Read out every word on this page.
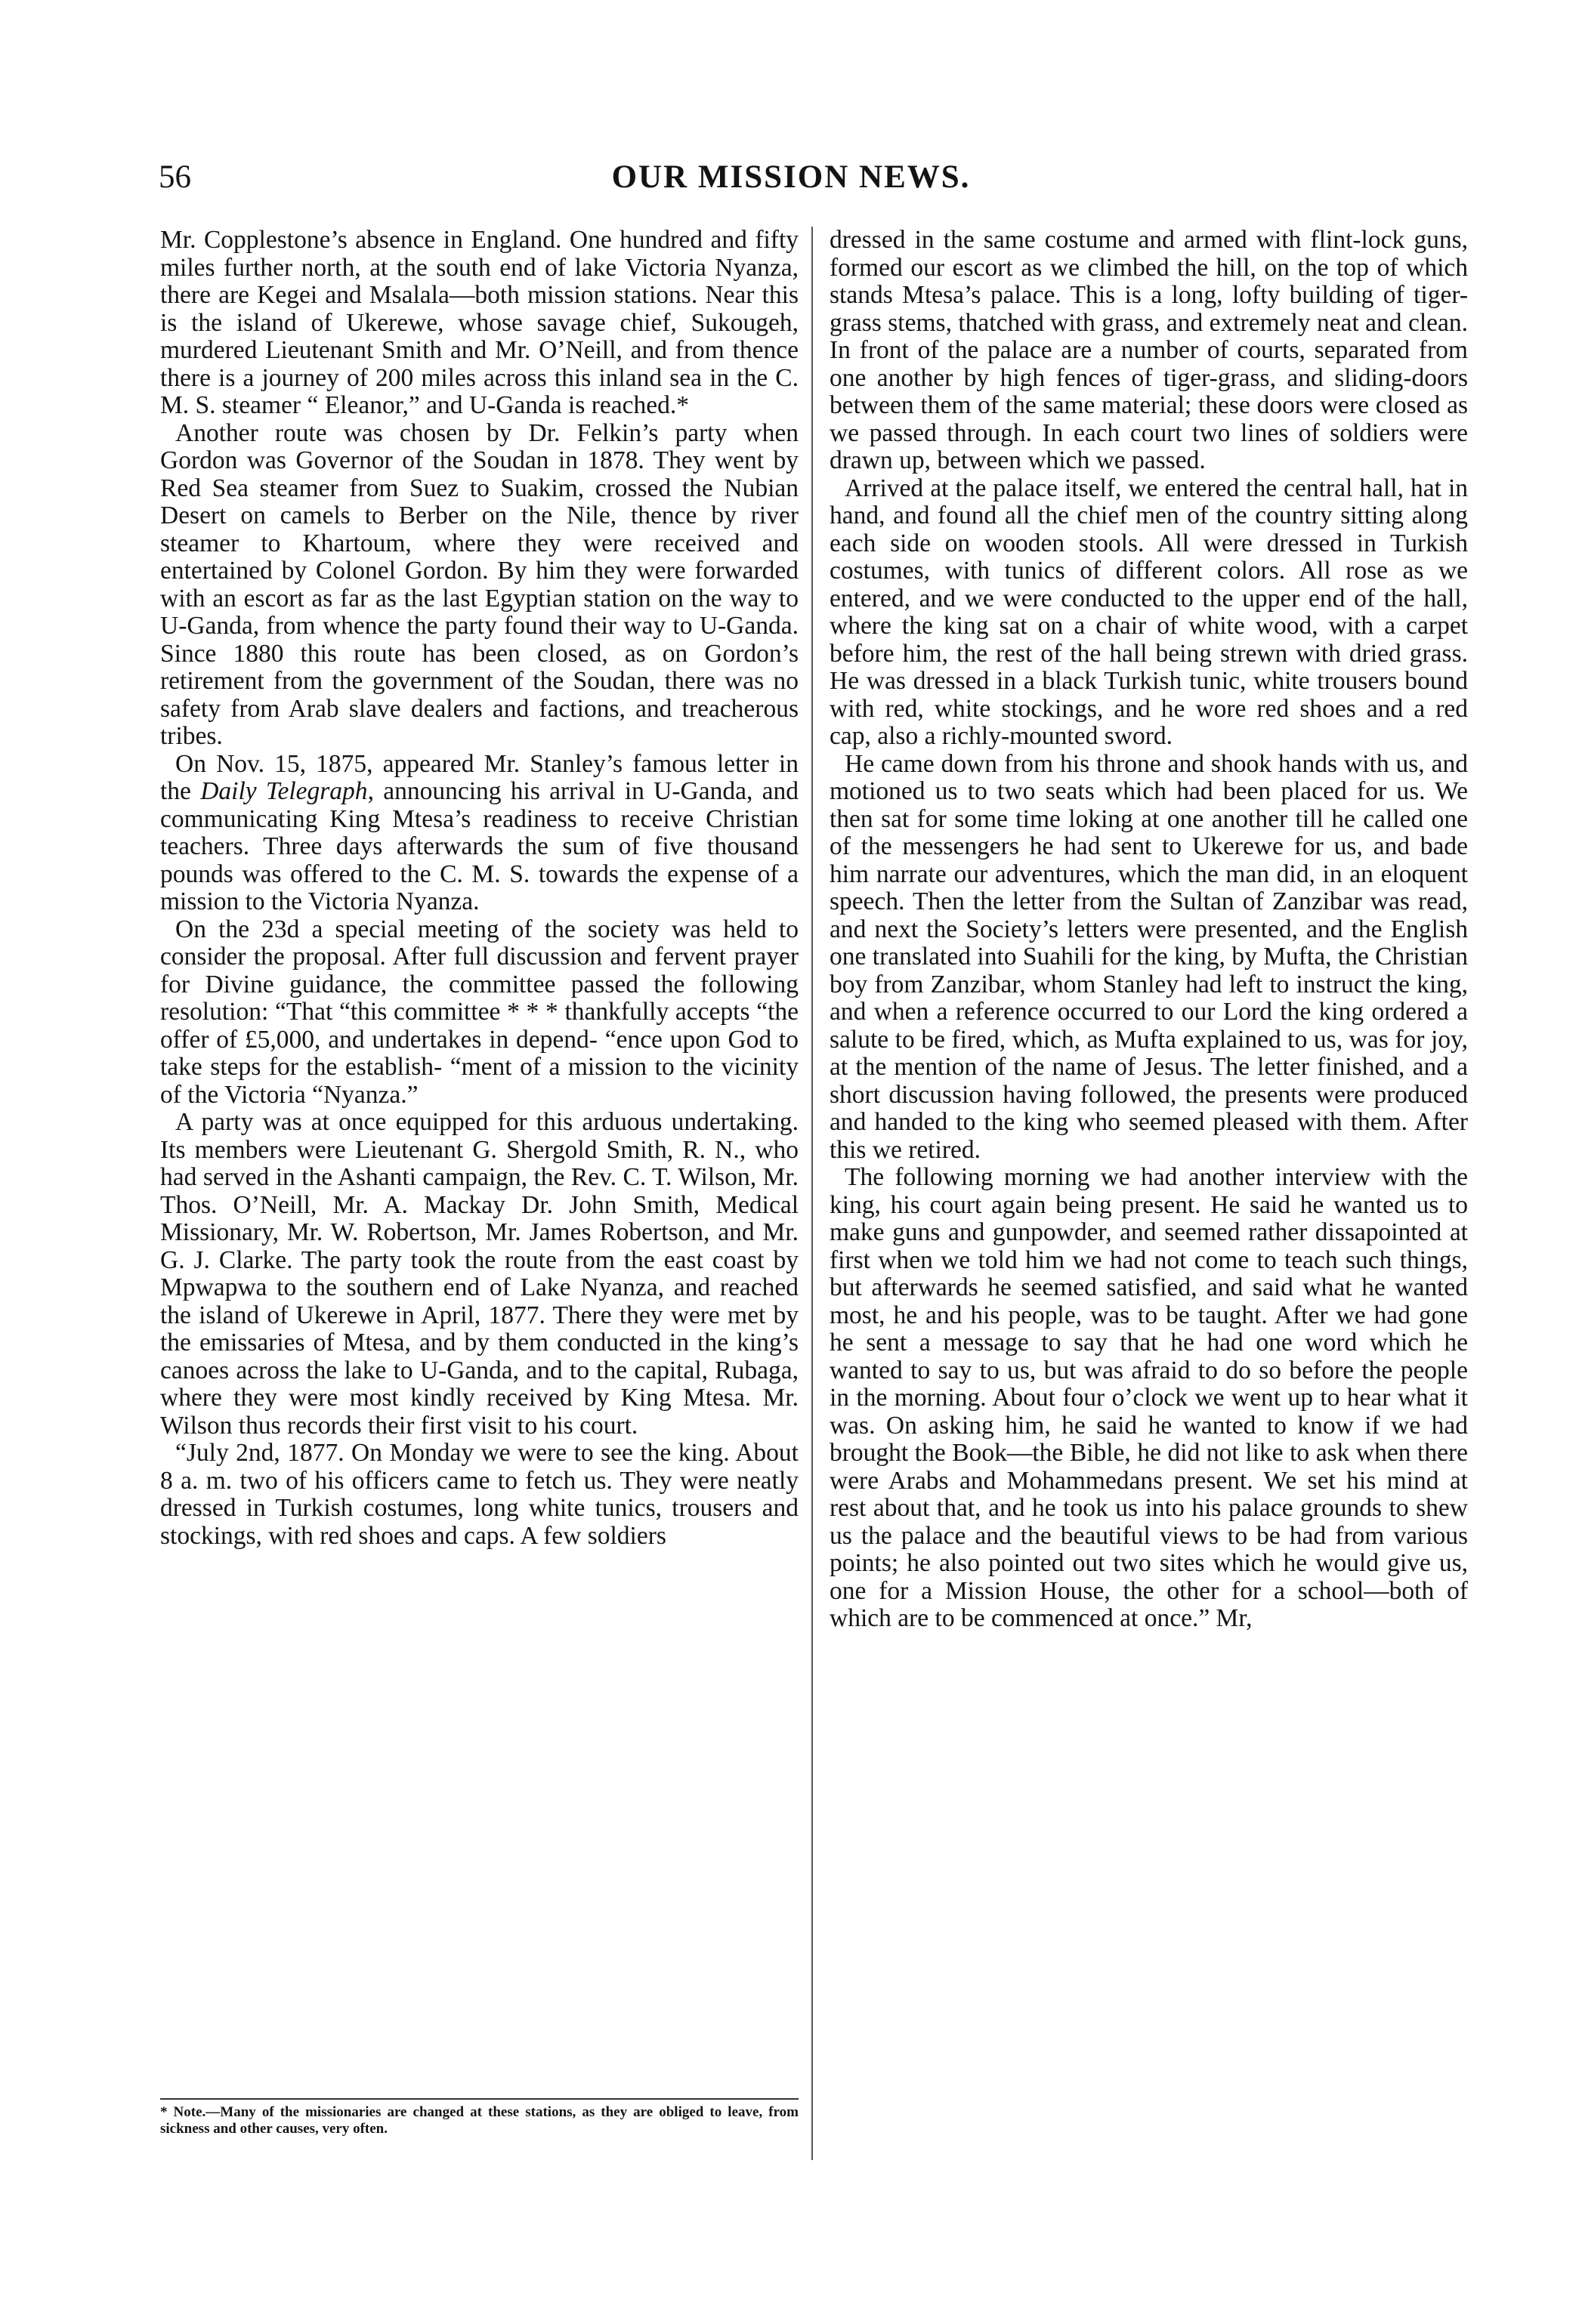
56	OUR MISSION NEWS.

Mr. Copplestone’s absence in England. One hundred and fifty miles further north, at the south end of lake Victoria Nyanza, there are Kegei and Msalala—both mission stations. Near this is the island of Ukerewe, whose savage chief, Sukougeh, murdered Lieutenant Smith and Mr. O’Neill, and from thence there is a journey of 200 miles across this inland sea in the C. M. S. steamer “ Eleanor,” and U-Ganda is reached.*

Another route was chosen by Dr. Felkin’s party when Gordon was Governor of the Soudan in 1878. They went by Red Sea steamer from Suez to Suakim, crossed the Nubian Desert on camels to Berber on the Nile, thence by river steamer to Khartoum, where they were received and entertained by Colonel Gordon. By him they were forwarded with an escort as far as the last Egyptian station on the way to U-Ganda, from whence the party found their way to U-Ganda. Since 1880 this route has been closed, as on Gordon’s retirement from the government of the Soudan, there was no safety from Arab slave dealers and factions, and treacherous tribes.

On Nov. 15, 1875, appeared Mr. Stanley’s famous letter in the Daily Telegraph, announcing his arrival in U-Ganda, and communicating King Mtesa’s readiness to receive Christian teachers. Three days afterwards the sum of five thousand pounds was offered to the C. M. S. towards the expense of a mission to the Victoria Nyanza.

On the 23d a special meeting of the society was held to consider the proposal. After full discussion and fervent prayer for Divine guidance, the committee passed the following resolution: “That “this committee * * * thankfully accepts “the offer of £5,000, and undertakes in depend- “ence upon God to take steps for the establish- “ment of a mission to the vicinity of the Victoria “Nyanza.”

A party was at once equipped for this arduous undertaking. Its members were Lieutenant G. Shergold Smith, R. N., who had served in the Ashanti campaign, the Rev. C. T. Wilson, Mr. Thos. O’Neill, Mr. A. Mackay Dr. John Smith, Medical Missionary, Mr. W. Robertson, Mr. James Robertson, and Mr. G. J. Clarke. The party took the route from the east coast by Mpwapwa to the southern end of Lake Nyanza, and reached the island of Ukerewe in April, 1877. There they were met by the emissaries of Mtesa, and by them conducted in the king’s canoes across the lake to U-Ganda, and to the capital, Rubaga, where they were most kindly received by King Mtesa. Mr. Wilson thus records their first visit to his court.

“July 2nd, 1877. On Monday we were to see the king. About 8 a. m. two of his officers came to fetch us. They were neatly dressed in Turkish costumes, long white tunics, trousers and stockings, with red shoes and caps. A few soldiers

dressed in the same costume and armed with flint-lock guns, formed our escort as we climbed the hill, on the top of which stands Mtesa’s palace. This is a long, lofty building of tiger-grass stems, thatched with grass, and extremely neat and clean. In front of the palace are a number of courts, separated from one another by high fences of tiger-grass, and sliding-doors between them of the same material; these doors were closed as we passed through. In each court two lines of soldiers were drawn up, between which we passed.

Arrived at the palace itself, we entered the central hall, hat in hand, and found all the chief men of the country sitting along each side on wooden stools. All were dressed in Turkish costumes, with tunics of different colors. All rose as we entered, and we were conducted to the upper end of the hall, where the king sat on a chair of white wood, with a carpet before him, the rest of the hall being strewn with dried grass. He was dressed in a black Turkish tunic, white trousers bound with red, white stockings, and he wore red shoes and a red cap, also a richly-mounted sword.

He came down from his throne and shook hands with us, and motioned us to two seats which had been placed for us. We then sat for some time loking at one another till he called one of the messengers he had sent to Ukerewe for us, and bade him narrate our adventures, which the man did, in an eloquent speech. Then the letter from the Sultan of Zanzibar was read, and next the Society’s letters were presented, and the English one translated into Suahili for the king, by Mufta, the Christian boy from Zanzibar, whom Stanley had left to instruct the king, and when a reference occurred to our Lord the king ordered a salute to be fired, which, as Mufta explained to us, was for joy, at the mention of the name of Jesus. The letter finished, and a short discussion having followed, the presents were produced and handed to the king who seemed pleased with them. After this we retired.

The following morning we had another interview with the king, his court again being present. He said he wanted us to make guns and gunpowder, and seemed rather dissapointed at first when we told him we had not come to teach such things, but afterwards he seemed satisfied, and said what he wanted most, he and his people, was to be taught. After we had gone he sent a message to say that he had one word which he wanted to say to us, but was afraid to do so before the people in the morning. About four o’clock we went up to hear what it was. On asking him, he said he wanted to know if we had brought the Book—the Bible, he did not like to ask when there were Arabs and Mohammedans present. We set his mind at rest about that, and he took us into his palace grounds to shew us the palace and the beautiful views to be had from various points; he also pointed out two sites which he would give us, one for a Mission House, the other for a school—both of which are to be commenced at once.” Mr,

* Note.—Many of the missionaries are changed at these stations, as they are obliged to leave, from sickness and other causes, very often.
